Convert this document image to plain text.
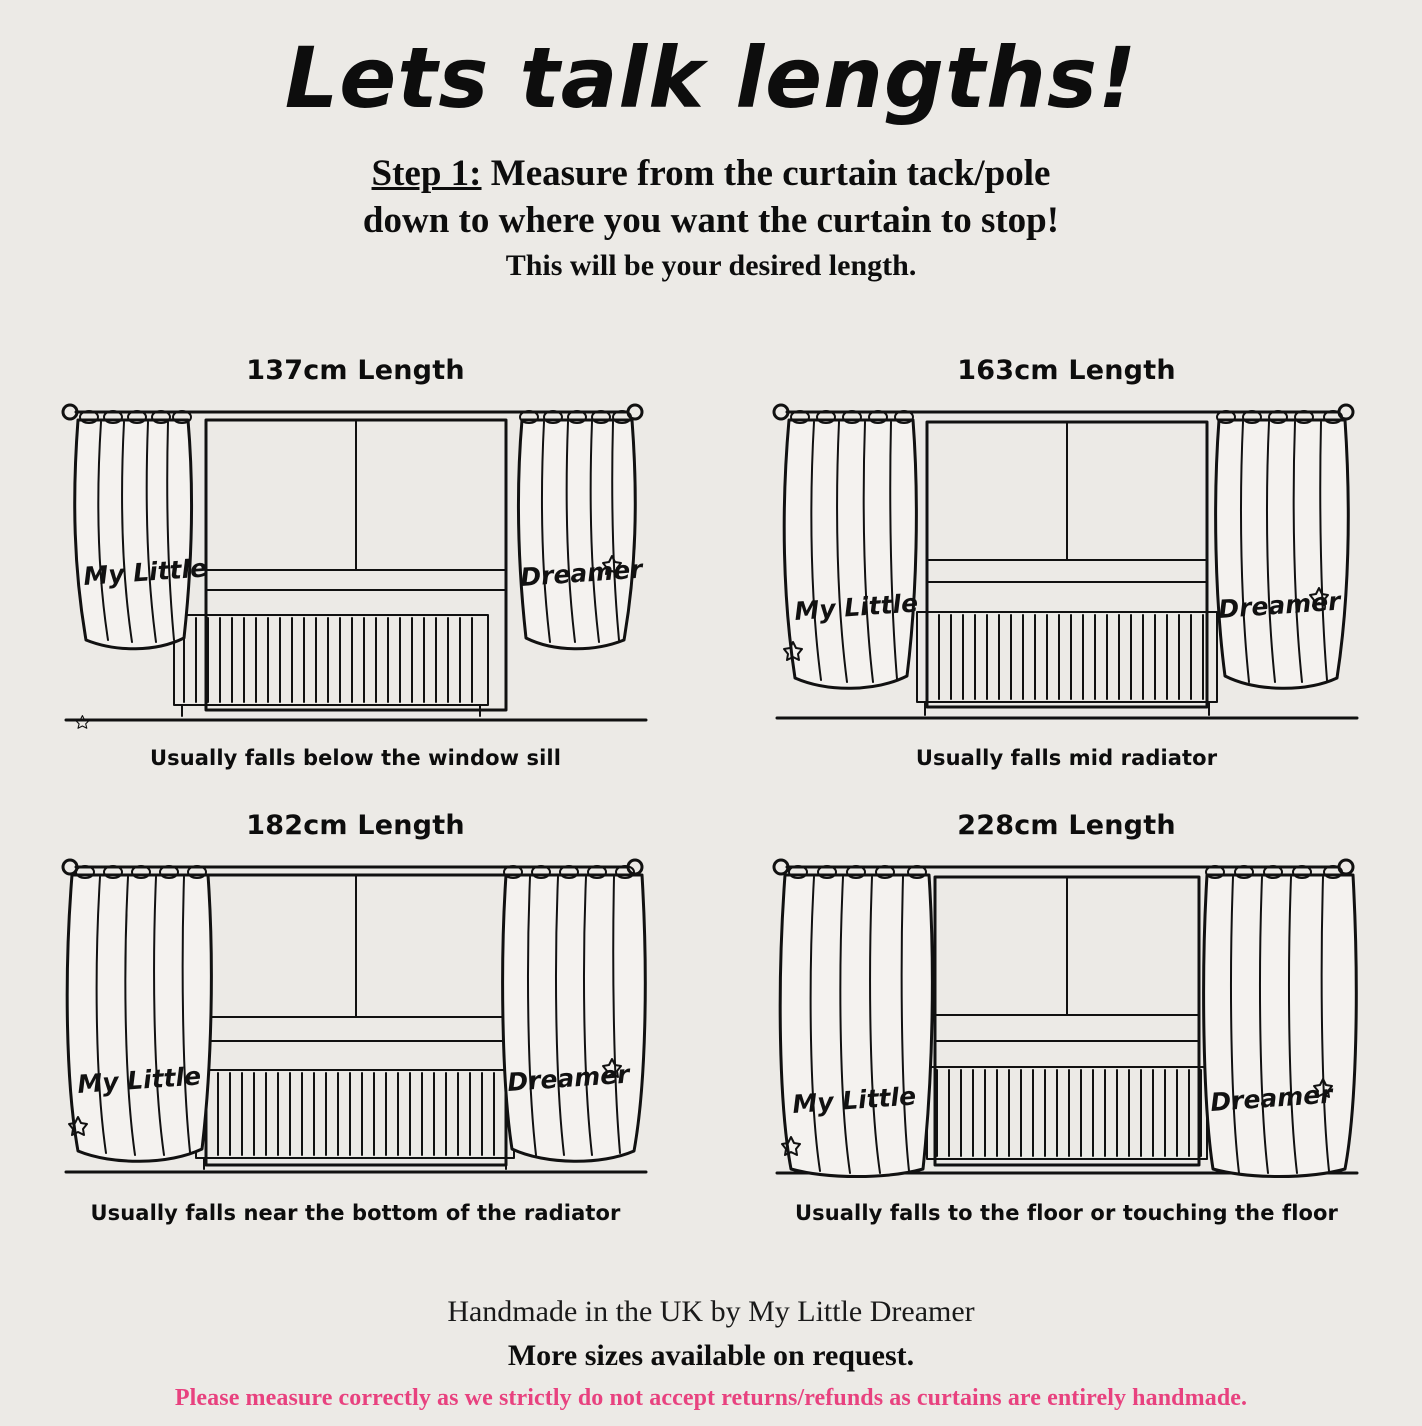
Lets talk lengths!
Step 1: Measure from the curtain tack/pole
down to where you want the curtain to stop!
This will be your desired length.
137cm Length
My Little	Dreamer
Usually falls below the window sill
163cm Length
My Little	Dreamer
Usually falls mid radiator
182cm Length
My Little	Dreamer
Usually falls near the bottom of the radiator
228cm Length
My Little	Dreamer
Usually falls to the floor or touching the floor
Handmade in the UK by My Little Dreamer
More sizes available on request.
Please measure correctly as we strictly do not accept returns/refunds as curtains are entirely handmade.
